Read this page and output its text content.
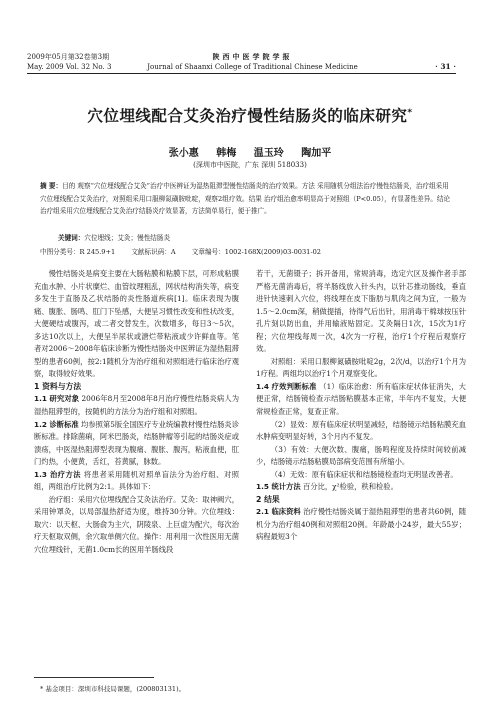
2009年05月第32卷第3期
May. 2009 Vol. 32 No. 3
陕西中医学院学报
Journal of Shaanxi College of Traditional Chinese Medicine	· 31 ·
穴位埋线配合艾灸治疗慢性结肠炎的临床研究*
张小惠 韩梅 温玉玲 陶加平
(深圳市中医院，广东 深圳 518033)
摘 要：目的 观察“穴位埋线配合艾灸”治疗中医辨证为湿热阻滞型慢性结肠炎的治疗效果。方法 采用随机分组法治疗慢性结肠炎，治疗组采用穴位埋线配合艾灸治疗，对照组采用口服柳氮磺胺吡啶，观察2组疗效。结果 治疗组治愈率明显高于对照组（P<0.05），有显著性差异。结论 治疗组采用穴位埋线配合艾灸治疗结肠炎疗效显著，方法简单易行，便于推广。
关键词：穴位埋线；艾灸；慢性结肠炎
中图分类号：R 245.9+1 文献标识码：A 文章编号：1002-168X(2009)03-0031-02

慢性结肠炎是病变主要在大肠粘膜和粘膜下层，可形成粘膜充血水肿、小片状糜烂、血管纹理粗乱，网状结构消失等，病变多发生于直肠及乙状结肠的炎性肠道疾病[1]。临床表现为腹痛、腹胀、肠鸣、肛门下坠感，大便呈习惯性改变和性状改变，大便硬结或腹泻，或二者交替发生，次数增多，每日3～5次，多达10次以上，大便呈半尿状或溏烂带粘液或少许鲜血等。笔者对2006～2008年临床诊断为慢性结肠炎中医辨证为湿热阻滞型的患者60例，按2:1随机分为治疗组和对照组进行临床治疗观察，取得较好效果。

1 资料与方法

1.1 研究对象 2006年8月至2008年8月治疗慢性结肠炎病人为湿热阻滞型的，按随机的方法分为治疗组和对照组。

1.2 诊断标准 均参照第5版全国医疗专业统编教材慢性结肠炎诊断标准。排除菌痢，阿米巴肠炎，结肠肿瘤等引起的结肠炎症或溃疡，中医湿热阻滞型表现为腹痛、腹胀、腹泻，粘液血便，肛门灼热，小便黄，舌红，苔黄腻，脉数。

1.3 治疗方法 将患者采用随机对照单盲法分为治疗组、对照组，两组治疗比例为2:1。具体如下：

治疗组：采用穴位埋线配合艾灸法治疗。艾灸：取神阙穴，采用钟罩灸，以局部温热舒适为度，维持30分钟。穴位埋线：取穴：以天枢、大肠俞为主穴，阴陵泉、上巨虚为配穴，每次治疗天枢取双侧，余穴取单侧穴位。操作：用利用一次性医用无菌穴位埋线针，无菌1.0cm长的医用羊肠线段

若干，无菌镊子；拆开备用，常规消毒，选定穴区及操作者手部严格无菌消毒后，将羊肠线放入针头内，以针芯推动肠线，垂直进针快速刺入穴位，将线埋在皮下脂肪与肌肉之间为宜，一般为1.5～2.0cm深，稍做提插，待得气后出针，用消毒干棉球按压针孔片刻以防出血，并用输液贴固定。艾灸隔日1次，15次为1疗程；穴位埋线每周一次，4次为一疗程，治疗1个疗程后观察疗效。

对照组：采用口服柳氮磺胺吡啶2g，2次/d，以治疗1个月为1疗程。两组均以治疗1个月观察变化。

1.4 疗效判断标准 （1）临床治愈：所有临床症状体征消失，大便正常，结肠镜检查示结肠粘膜基本正常，半年内不复发，大便常规检查正常，复查正常。

（2）显效：原有临床症状明显减轻，结肠镜示结肠粘膜充血水肿病变明显好转，3个月内不复发。

（3）有效：大便次数、腹痛，肠鸣程度及持续时间较前减少，结肠镜示结肠粘膜局部病变范围有所缩小。

（4）无效：原有临床症状和结肠镜检查均无明显改善者。

1.5 统计方法 百分比，χ²检验，秩和检验。

2 结果

2.1 临床资料 治疗慢性结肠炎属于湿热阻滞型的患者共60例，随机分为治疗组40例和对照组20例。年龄最小24岁，最大55岁；病程最短3个

* 基金项目：深圳市科技局课题，(200803131)。
